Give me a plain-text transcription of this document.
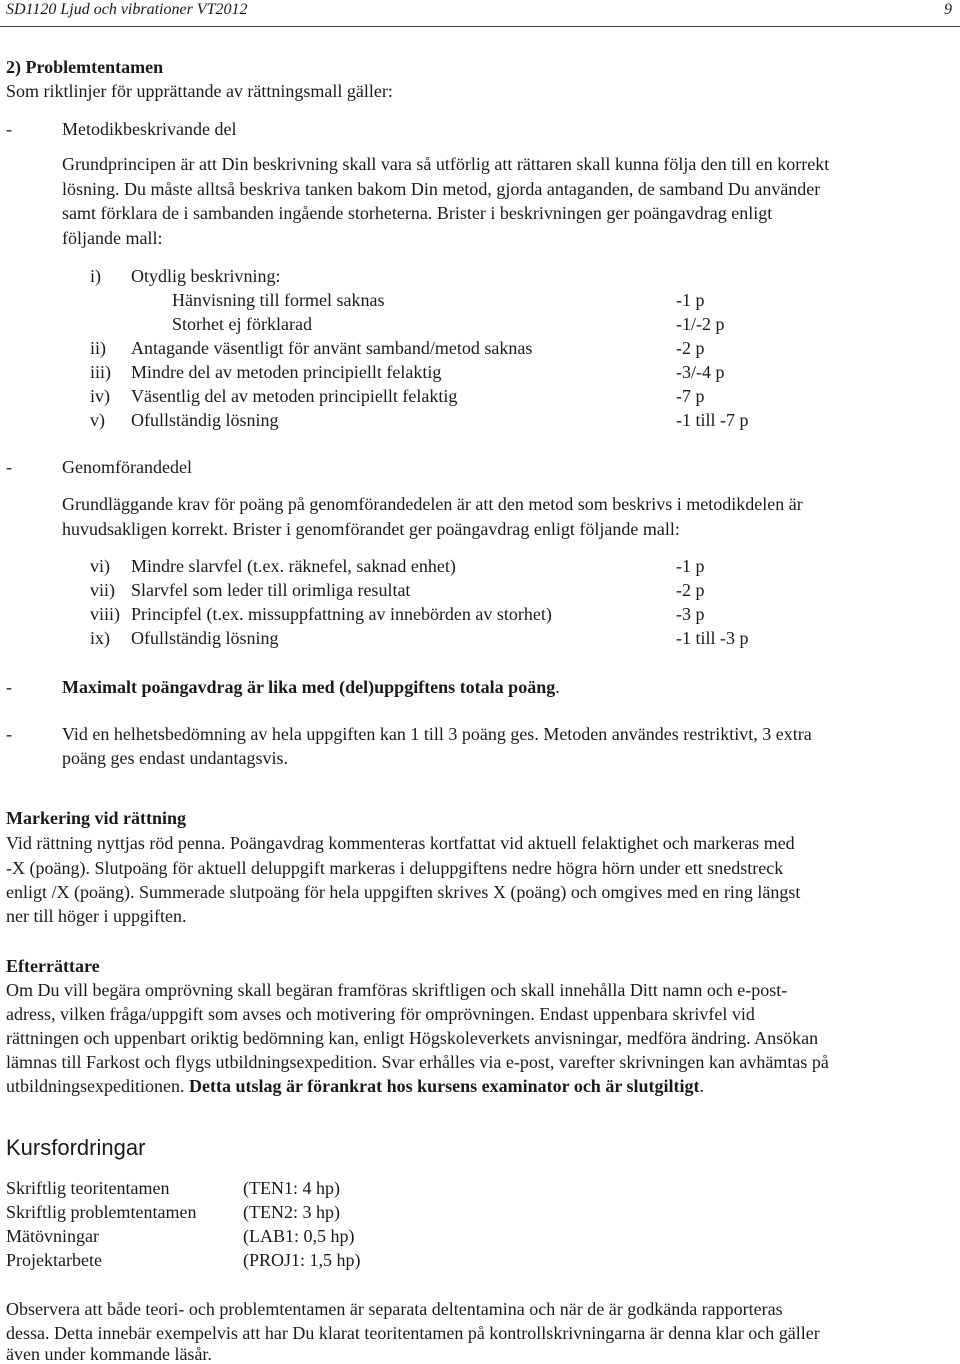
SD1120 Ljud och vibrationer VT2012	9
2) Problemtentamen
Som riktlinjer för upprättande av rättningsmall gäller:
-	Metodikbeskrivande del
Grundprincipen är att Din beskrivning skall vara så utförlig att rättaren skall kunna följa den till en korrekt
lösning. Du måste alltså beskriva tanken bakom Din metod, gjorda antaganden, de samband Du använder
samt förklara de i sambanden ingående storheterna. Brister i beskrivningen ger poängavdrag enligt
följande mall:
i) Otydlig beskrivning:
Hänvisning till formel saknas	-1 p
Storhet ej förklarad	-1/-2 p
ii) Antagande väsentligt för använt samband/metod saknas	-2 p
iii) Mindre del av metoden principiellt felaktig	-3/-4 p
iv) Väsentlig del av metoden principiellt felaktig	-7 p
v) Ofullständig lösning	-1 till -7 p
-	Genomförandedel
Grundläggande krav för poäng på genomförandedelen är att den metod som beskrivs i metodikdelen är
huvudsakligen korrekt. Brister i genomförandet ger poängavdrag enligt följande mall:
vi) Mindre slarvfel (t.ex. räknefel, saknad enhet)	-1 p
vii) Slarvfel som leder till orimliga resultat	-2 p
viii) Principfel (t.ex. missuppfattning av innebörden av storhet)	-3 p
ix) Ofullständig lösning	-1 till -3 p
-	Maximalt poängavdrag är lika med (del)uppgiftens totala poäng.
-	Vid en helhetsbedömning av hela uppgiften kan 1 till 3 poäng ges. Metoden användes restriktivt, 3 extra
poäng ges endast undantagsvis.
Markering vid rättning
Vid rättning nyttjas röd penna. Poängavdrag kommenteras kortfattat vid aktuell felaktighet och markeras med
-X (poäng). Slutpoäng för aktuell deluppgift markeras i deluppgiftens nedre högra hörn under ett snedstreck
enligt /X (poäng). Summerade slutpoäng för hela uppgiften skrives X (poäng) och omgives med en ring längst
ner till höger i uppgiften.
Efterrättare
Om Du vill begära omprövning skall begäran framföras skriftligen och skall innehålla Ditt namn och e-post-
adress, vilken fråga/uppgift som avses och motivering för omprövningen. Endast uppenbara skrivfel vid
rättningen och uppenbart oriktig bedömning kan, enligt Högskoleverkets anvisningar, medföra ändring. Ansökan
lämnas till Farkost och flygs utbildningsexpedition. Svar erhålles via e-post, varefter skrivningen kan avhämtas på
utbildningsexpeditionen. Detta utslag är förankrat hos kursens examinator och är slutgiltigt.
Kursfordringar
Skriftlig teoritentamen	(TEN1: 4 hp)
Skriftlig problemtentamen	(TEN2: 3 hp)
Mätövningar	(LAB1: 0,5 hp)
Projektarbete	(PROJ1: 1,5 hp)
Observera att både teori- och problemtentamen är separata deltentamina och när de är godkända rapporteras
dessa. Detta innebär exempelvis att har Du klarat teoritentamen på kontrollskrivningarna är denna klar och gäller
även under kommande läsår.
